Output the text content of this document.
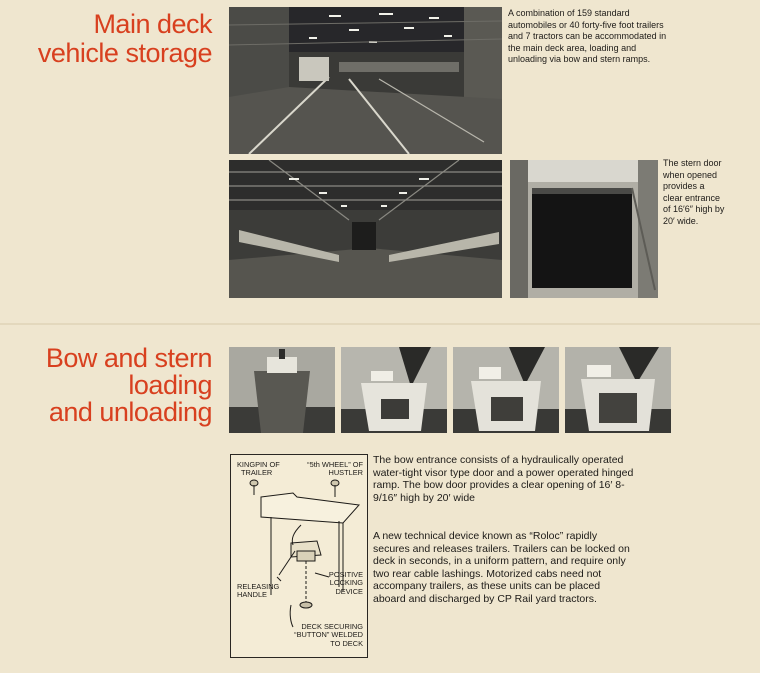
Main deck
vehicle storage

A combination of 159 standard automobiles or 40 forty-five foot trailers and 7 tractors can be accommodated in the main deck area, loading and unloading via bow and stern ramps.

The stern door when opened provides a clear entrance of 16′6″ high by 20′ wide.

Bow and stern
loading
and unloading

KINGPIN OF
TRAILER

“5th WHEEL” OF
HUSTLER

RELEASING
HANDLE

POSITIVE
LOCKING
DEVICE

DECK SECURING
“BUTTON” WELDED
TO DECK

The bow entrance consists of a hydraulically operated water-tight visor type door and a power operated hinged ramp. The bow door provides a clear opening of 16′ 8-9/16″ high by 20′ wide

A new technical device known as “Roloc” rapidly secures and releases trailers. Trailers can be locked on deck in seconds, in a uniform pattern, and require only two rear cable lashings. Motorized cabs need not accompany trailers, as these units can be placed aboard and discharged by CP Rail yard tractors.
